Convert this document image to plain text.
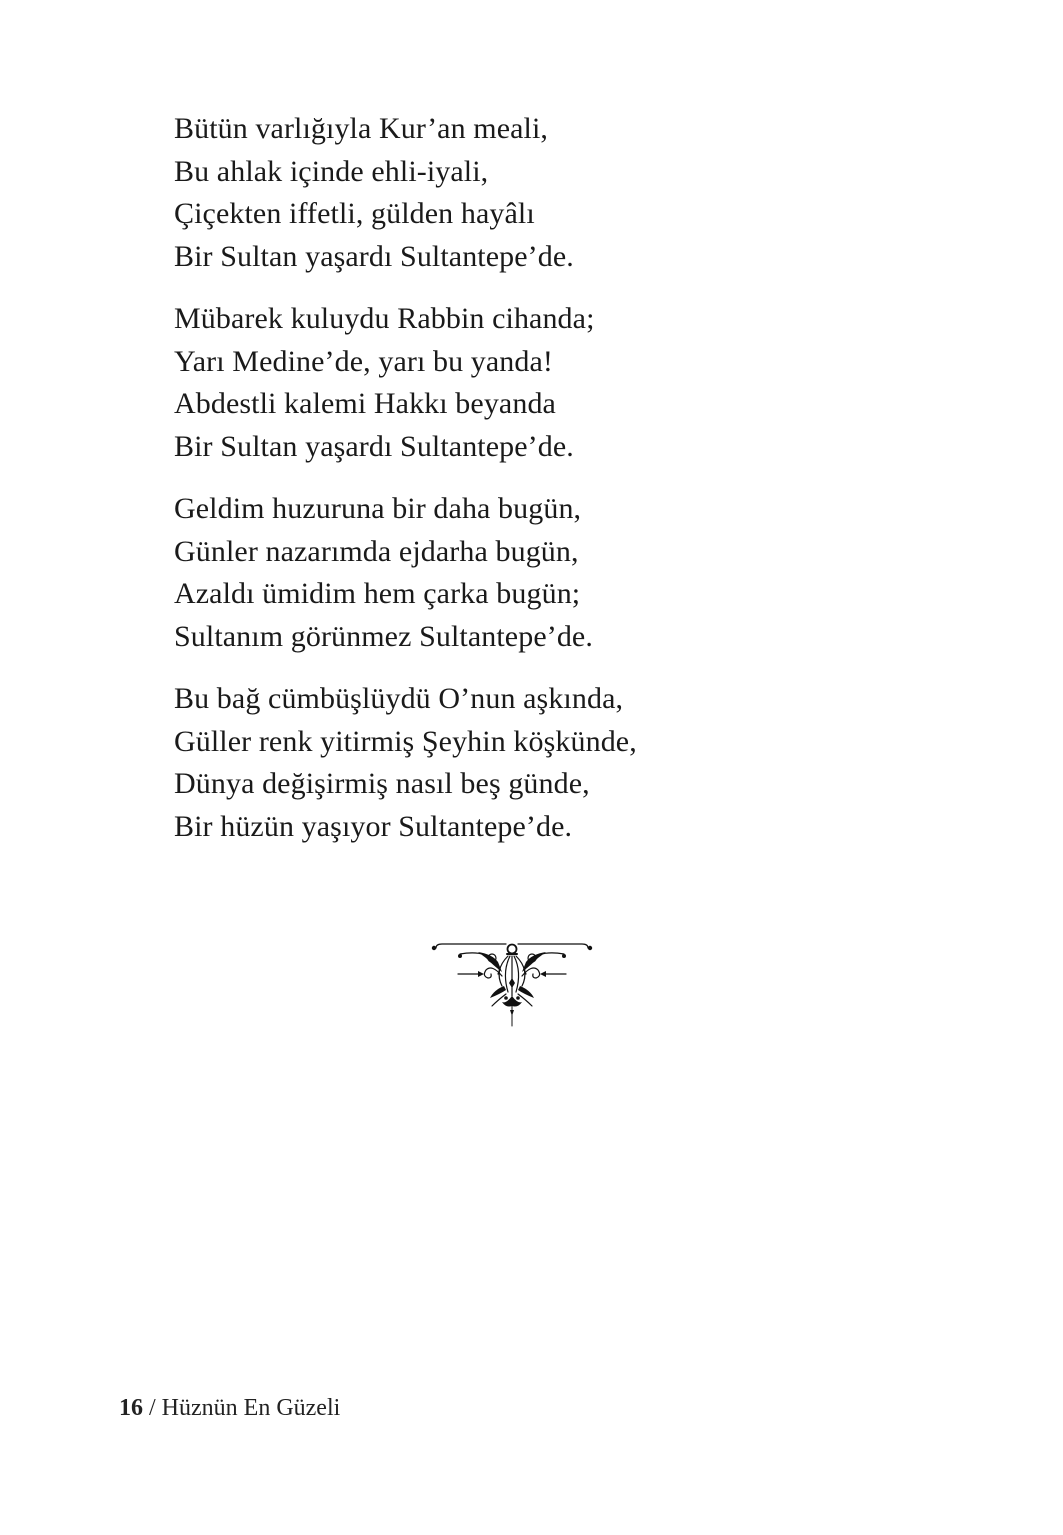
Bütün varlığıyla Kur’an meali,
Bu ahlak içinde ehli-iyali,
Çiçekten iffetli, gülden hayâlı
Bir Sultan yaşardı Sultantepe’de.
Mübarek kuluydu Rabbin cihanda;
Yarı Medine’de, yarı bu yanda!
Abdestli kalemi Hakkı beyanda
Bir Sultan yaşardı Sultantepe’de.
Geldim huzuruna bir daha bugün,
Günler nazarımda ejdarha bugün,
Azaldı ümidim hem çarka bugün;
Sultanım görünmez Sultantepe’de.
Bu bağ cümbüşlüydü O’nun aşkında,
Güller renk yitirmiş Şeyhin köşkünde,
Dünya değişirmiş nasıl beş günde,
Bir hüzün yaşıyor Sultantepe’de.
16 / Hüznün En Güzeli
